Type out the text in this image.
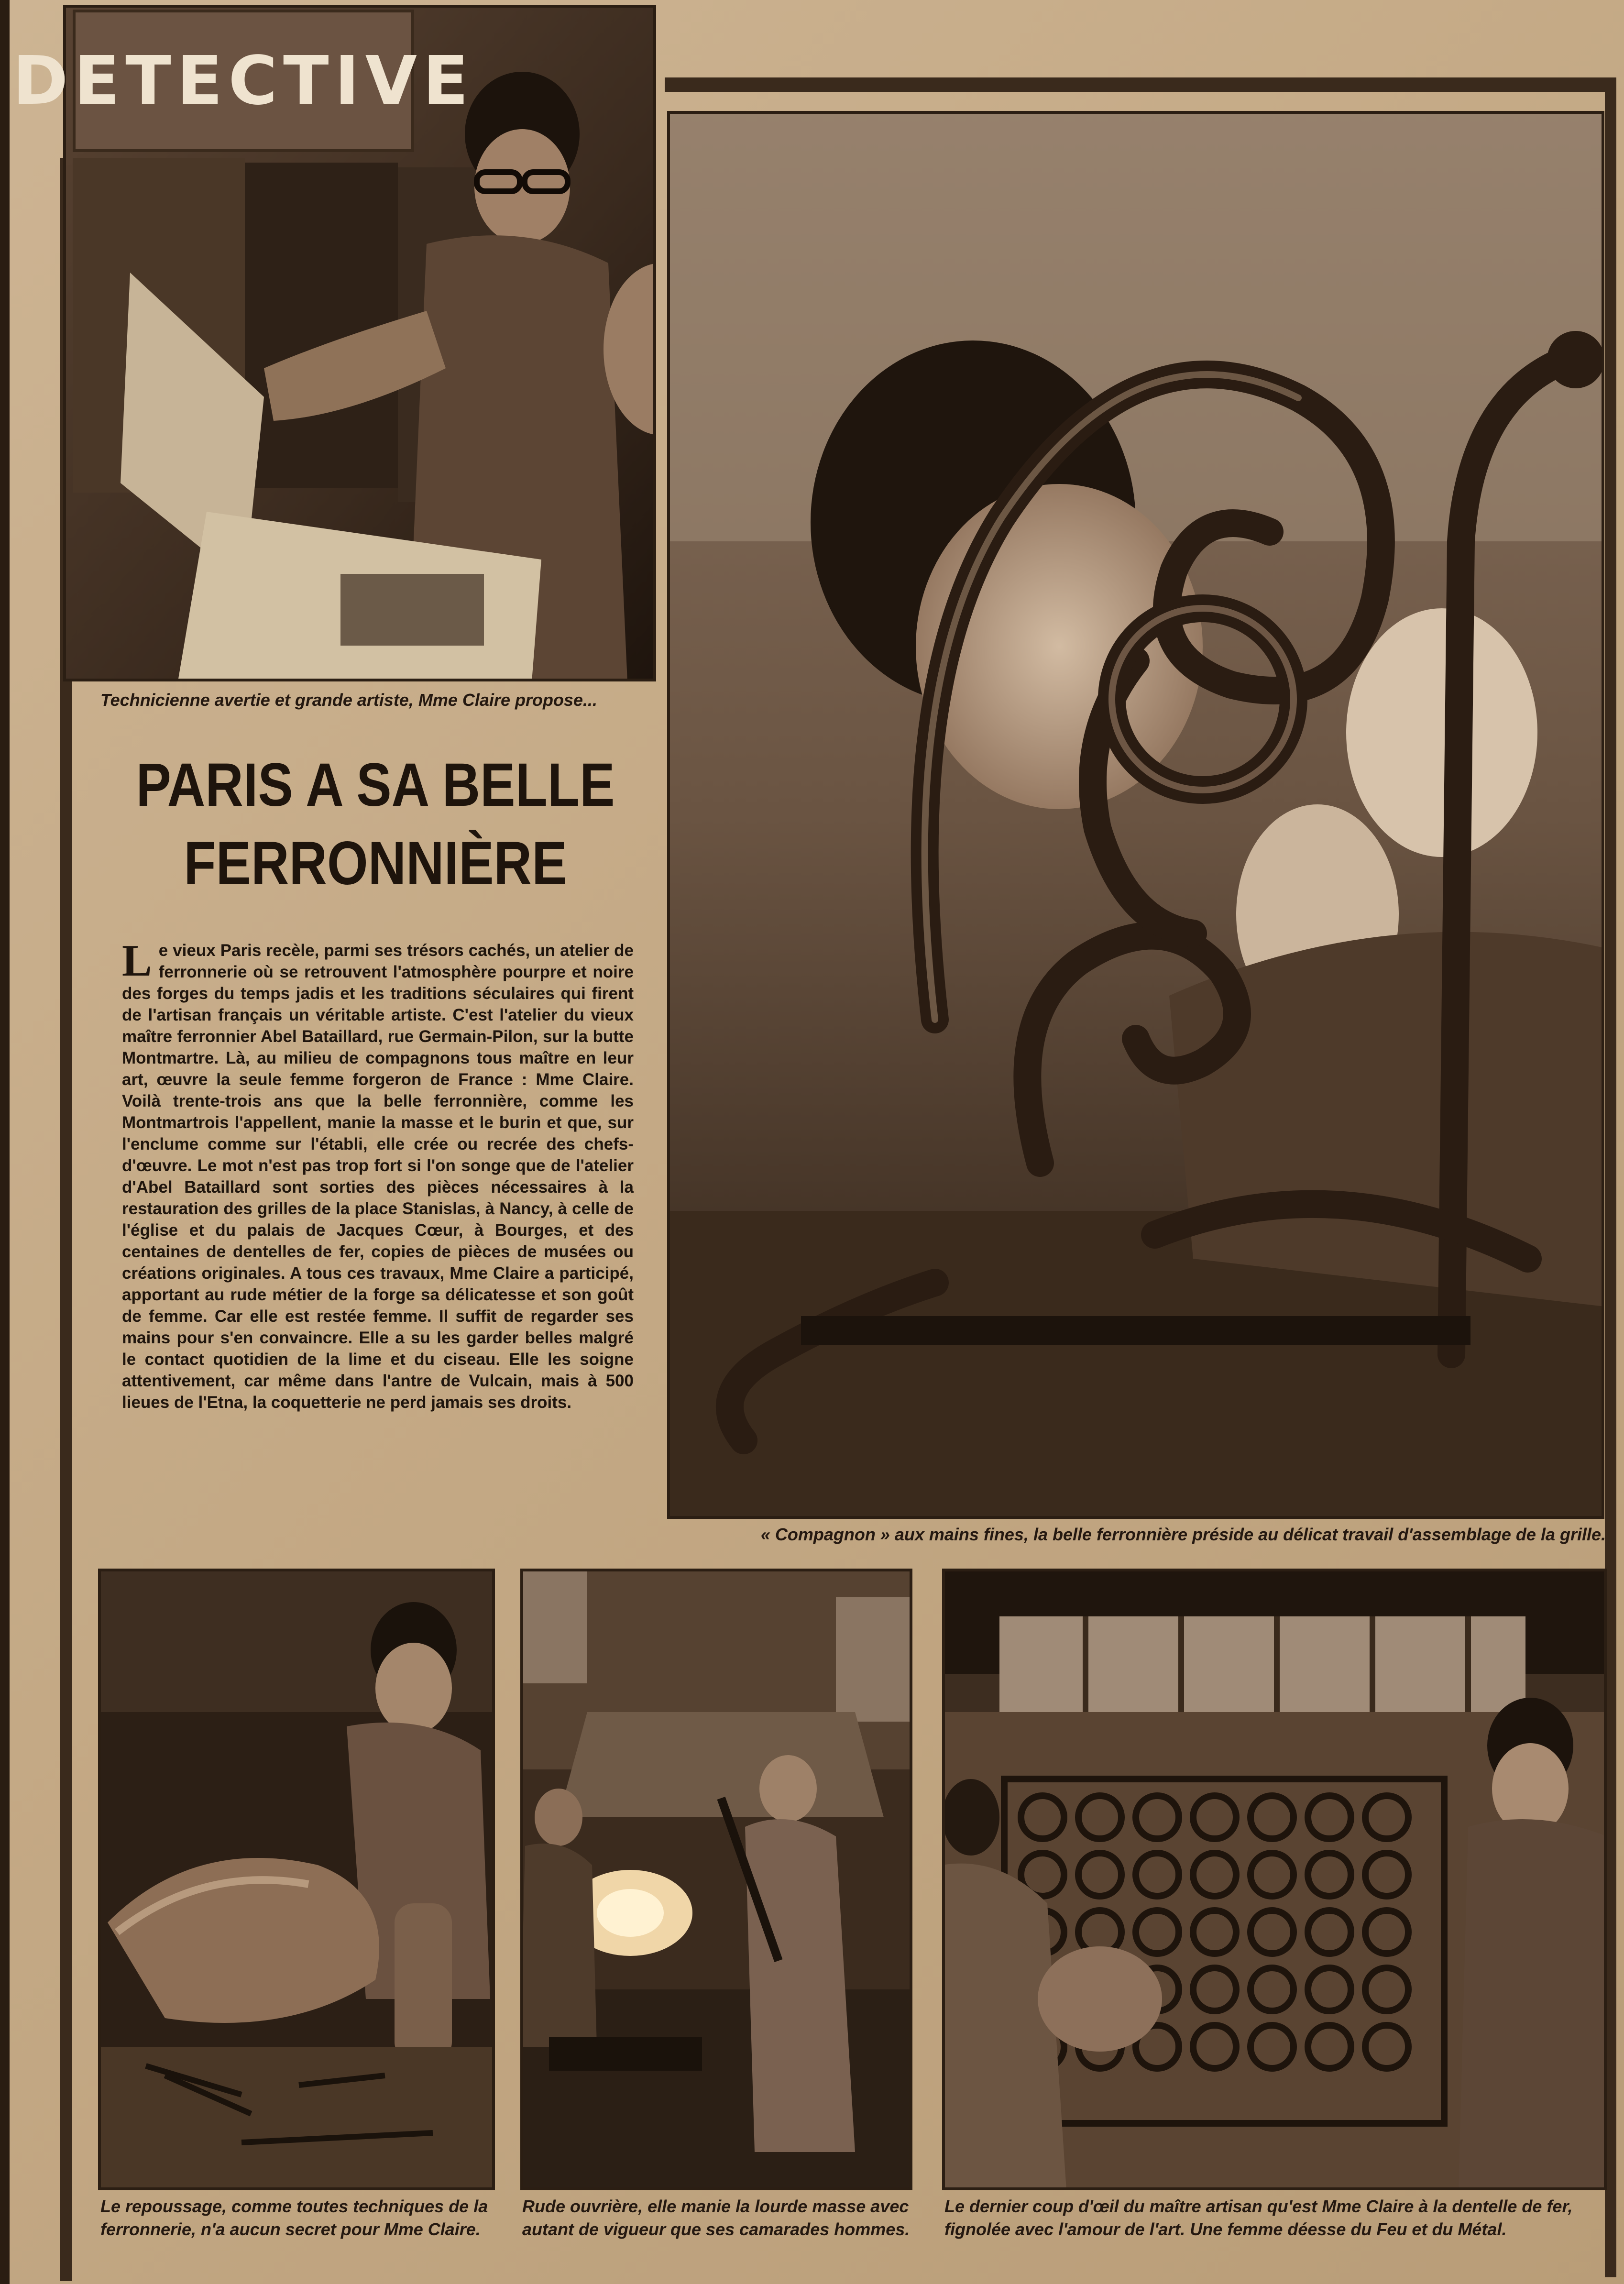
DETECTIVE

Technicienne avertie et grande artiste, Mme Claire propose...

PARIS A SA BELLE
FERRONNIÈRE

Le vieux Paris recèle, parmi ses trésors cachés, un atelier de ferronnerie où se retrouvent l'atmosphère pourpre et noire des forges du temps jadis et les traditions séculaires qui firent de l'artisan français un véritable artiste. C'est l'atelier du vieux maître ferronnier Abel Bataillard, rue Germain-Pilon, sur la butte Montmartre. Là, au milieu de compagnons tous maître en leur art, œuvre la seule femme forgeron de France : Mme Claire. Voilà trente-trois ans que la belle ferronnière, comme les Montmartrois l'appellent, manie la masse et le burin et que, sur l'enclume comme sur l'établi, elle crée ou recrée des chefs-d'œuvre. Le mot n'est pas trop fort si l'on songe que de l'atelier d'Abel Bataillard sont sorties des pièces nécessaires à la restauration des grilles de la place Stanislas, à Nancy, à celle de l'église et du palais de Jacques Cœur, à Bourges, et des centaines de dentelles de fer, copies de pièces de musées ou créations originales. A tous ces travaux, Mme Claire a participé, apportant au rude métier de la forge sa délicatesse et son goût de femme. Car elle est restée femme. Il suffit de regarder ses mains pour s'en convaincre. Elle a su les garder belles malgré le contact quotidien de la lime et du ciseau. Elle les soigne attentivement, car même dans l'antre de Vulcain, mais à 500 lieues de l'Etna, la coquetterie ne perd jamais ses droits.

« Compagnon » aux mains fines, la belle ferronnière préside au délicat travail d'assemblage de la grille.

Le repoussage, comme toutes techniques de la ferronnerie, n'a aucun secret pour Mme Claire.

Rude ouvrière, elle manie la lourde masse avec autant de vigueur que ses camarades hommes.

Le dernier coup d'œil du maître artisan qu'est Mme Claire à la dentelle de fer, fignolée avec l'amour de l'art. Une femme déesse du Feu et du Métal.
